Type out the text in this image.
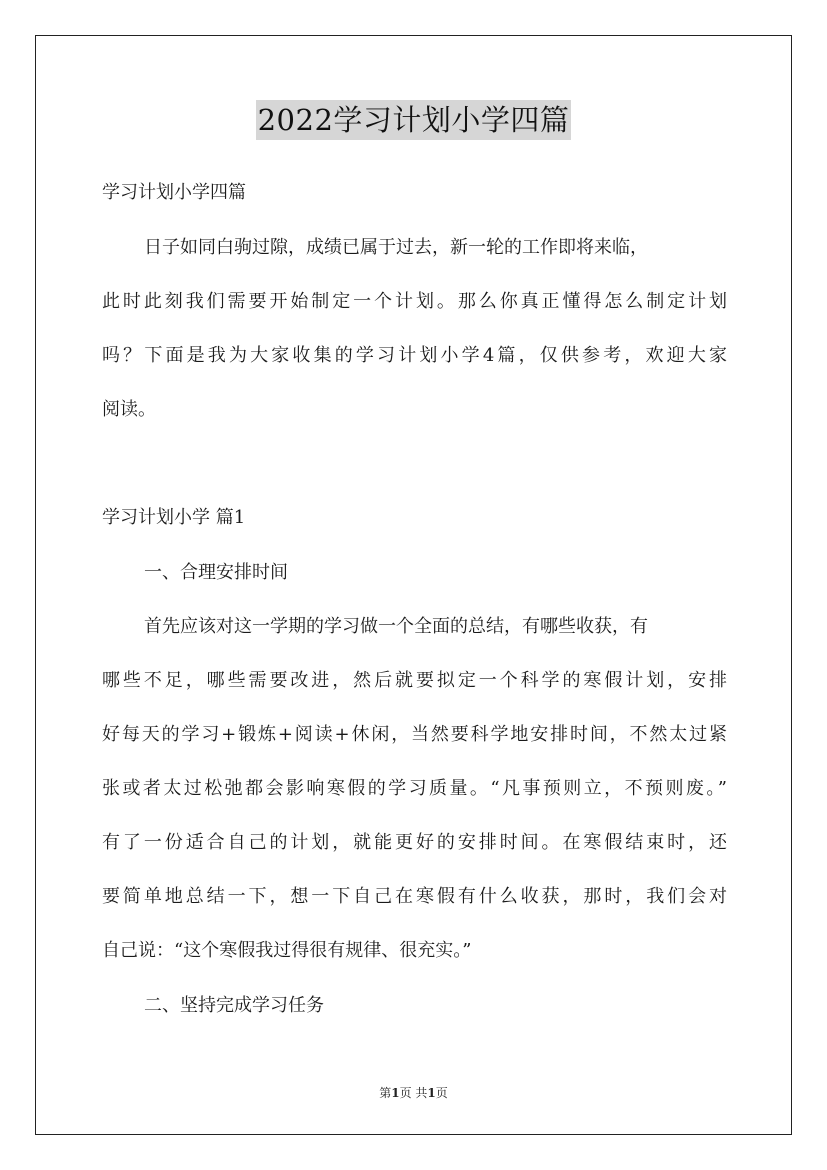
2022学习计划小学四篇
学习计划小学四篇
日子如同白驹过隙，成绩已属于过去，新一轮的工作即将来临，
此时此刻我们需要开始制定一个计划。那么你真正懂得怎么制定计划
吗？下面是我为大家收集的学习计划小学4篇，仅供参考，欢迎大家
阅读。
学习计划小学 篇1
一、合理安排时间
首先应该对这一学期的学习做一个全面的总结，有哪些收获，有
哪些不足，哪些需要改进，然后就要拟定一个科学的寒假计划，安排
好每天的学习+锻炼+阅读+休闲，当然要科学地安排时间，不然太过紧
张或者太过松弛都会影响寒假的学习质量。“凡事预则立，不预则废。”
有了一份适合自己的计划，就能更好的安排时间。在寒假结束时，还
要简单地总结一下，想一下自己在寒假有什么收获，那时，我们会对
自己说：“这个寒假我过得很有规律、很充实。”
二、坚持完成学习任务
第1页 共1页
